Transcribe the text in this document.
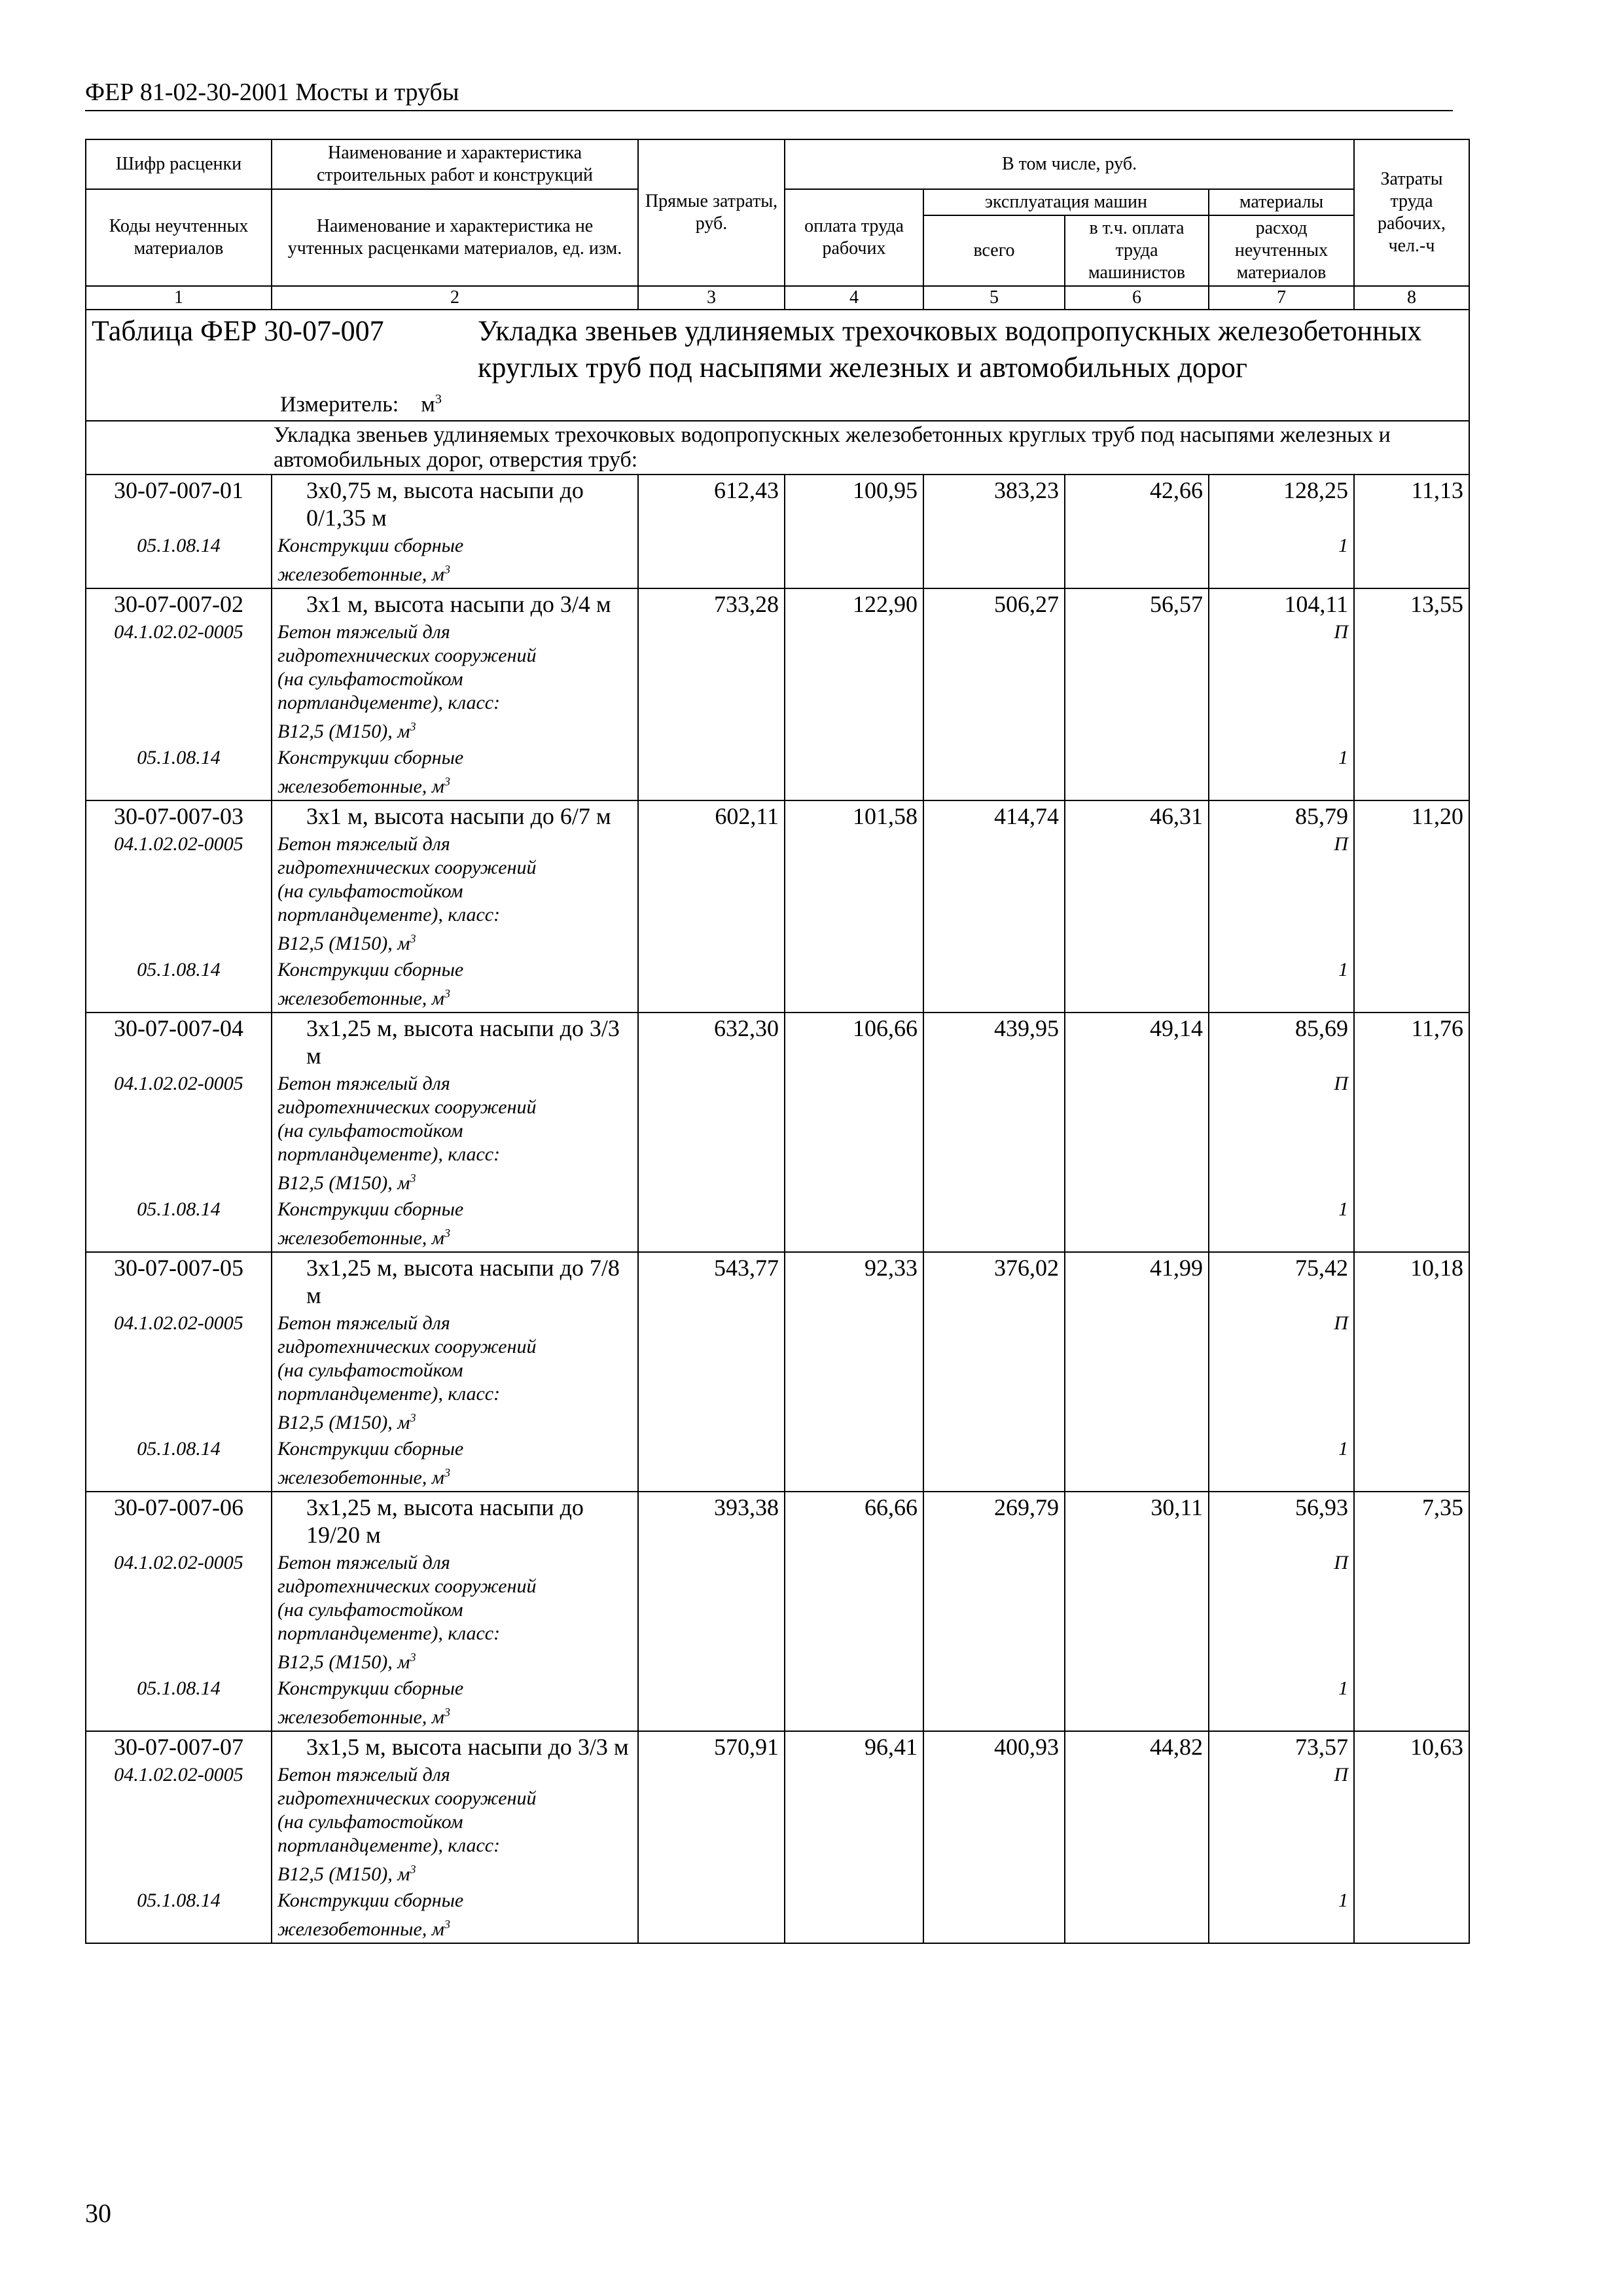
ФЕР 81-02-30-2001 Мосты и трубы
Шифр расценки	Наименование и характеристика строительных работ и конструкций	Прямые затраты, руб.	В том числе, руб.				Затраты труда рабочих, чел.-ч
Коды неучтенных материалов	Наименование и характеристика не учтенных расценками материалов, ед. изм.		оплата труда рабочих	эксплуатация машин		материалы	
				всего	в т.ч. оплата труда машинистов	расход неучтенных материалов	
1	2	3	4	5	6	7	8

Таблица ФЕР 30-07-007 Укладка звеньев удлиняемых трехочковых водопропускных железобетонных круглых труб под насыпями железных и автомобильных дорог
Измеритель: $м^3$

Укладка звеньев удлиняемых трехочковых водопропускных железобетонных круглых труб под насыпями железных и автомобильных дорог, отверстия труб:							
30-07-007-01	3х0,75 м, высота насыпи до 0/1,35 м	612,43	100,95	383,23	42,66	128,25	11,13
05.1.08.14	Конструкции сборные железобетонные, $м^3$					1	
30-07-007-02	3х1 м, высота насыпи до 3/4 м	733,28	122,90	506,27	56,57	104,11	13,55
04.1.02.02-0005	Бетон тяжелый для гидротехнических сооружений (на сульфатостойком портландцементе), класс: В12,5 (М150), $м^3$					П	
05.1.08.14	Конструкции сборные железобетонные, $м^3$					1	
30-07-007-03	3х1 м, высота насыпи до 6/7 м	602,11	101,58	414,74	46,31	85,79	11,20
04.1.02.02-0005	Бетон тяжелый для гидротехнических сооружений (на сульфатостойком портландцементе), класс: В12,5 (М150), $м^3$					П	
05.1.08.14	Конструкции сборные железобетонные, $м^3$					1	
30-07-007-04	3х1,25 м, высота насыпи до 3/3 м	632,30	106,66	439,95	49,14	85,69	11,76
04.1.02.02-0005	Бетон тяжелый для гидротехнических сооружений (на сульфатостойком портландцементе), класс: В12,5 (М150), $м^3$					П	
05.1.08.14	Конструкции сборные железобетонные, $м^3$					1	
30-07-007-05	3х1,25 м, высота насыпи до 7/8 м	543,77	92,33	376,02	41,99	75,42	10,18
04.1.02.02-0005	Бетон тяжелый для гидротехнических сооружений (на сульфатостойком портландцементе), класс: В12,5 (М150), $м^3$					П	
05.1.08.14	Конструкции сборные железобетонные, $м^3$					1	
30-07-007-06	3х1,25 м, высота насыпи до 19/20 м	393,38	66,66	269,79	30,11	56,93	7,35
04.1.02.02-0005	Бетон тяжелый для гидротехнических сооружений (на сульфатостойком портландцементе), класс: В12,5 (М150), $м^3$					П	
05.1.08.14	Конструкции сборные железобетонные, $м^3$					1	
30-07-007-07	3х1,5 м, высота насыпи до 3/3 м	570,91	96,41	400,93	44,82	73,57	10,63
04.1.02.02-0005	Бетон тяжелый для гидротехнических сооружений (на сульфатостойком портландцементе), класс: В12,5 (М150), $м^3$					П	
05.1.08.14	Конструкции сборные железобетонные, $м^3$					1	
30
